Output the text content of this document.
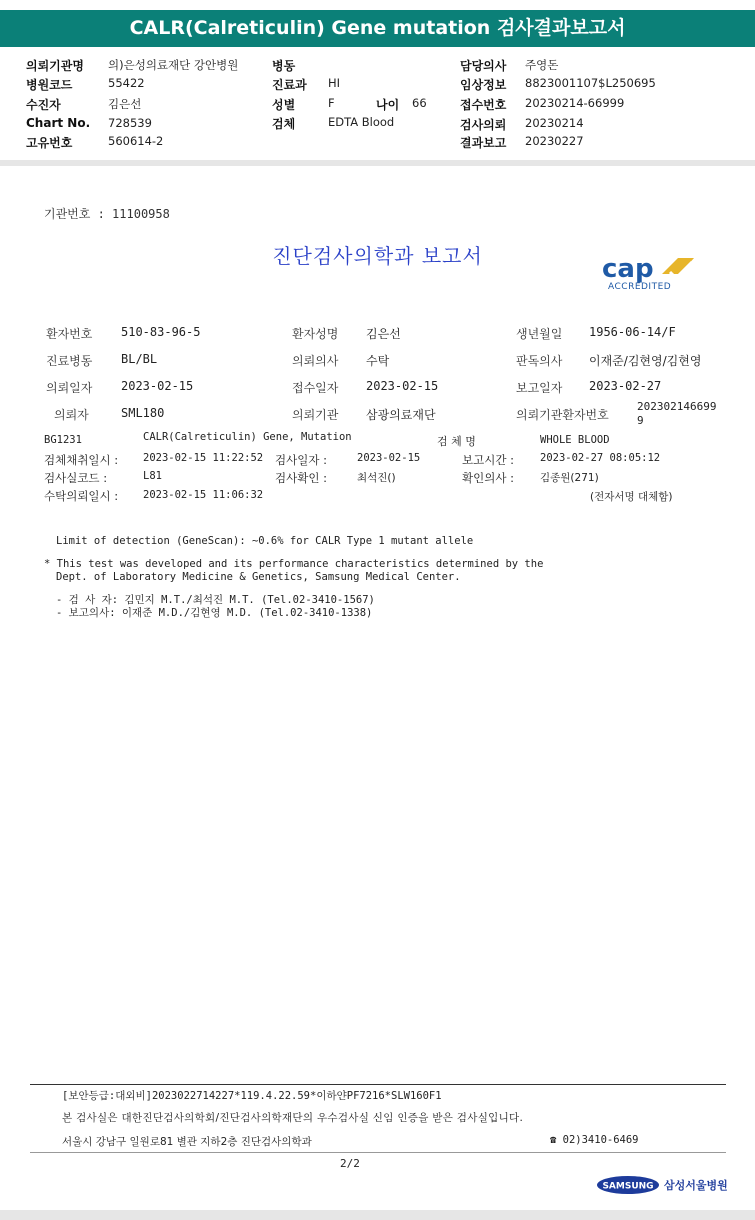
CALR(Calreticulin) Gene mutation 검사결과보고서
의뢰기관명 의)은성의료재단 강안병원
병원코드	55422
수진자	김은선
Chart No. 728539
고유번호	560614-2
병동
진료과 HI
성별	F	나이 66
검체	EDTA Blood
담당의사 주영돈
임상정보 8823001107$L250695
접수번호 20230214-66999
검사의뢰 20230214
결과보고 20230227
기관번호 : 11100958
진단검사의학과 보고서	cap
ACCREDITED
환자번호 510-83-96-5	환자성명 김은선	생년월일 1956-06-14/F
진료병동 BL/BL	의뢰의사 수탁	판독의사 이재준/김현영/김현영
의뢰일자 2023-02-15	접수일자 2023-02-15	보고일자 2023-02-27
의뢰자	SML180	의뢰기관 삼광의료재단	의뢰기관환자번호
202302146699
9
BG1231	CALR(Calreticulin) Gene, Mutation	검 체 명	WHOLE BLOOD
검체채취일시 : 2023-02-15 11:22:52 검사일자 :	2023-02-15	보고시간 : 2023-02-27 08:05:12
검사실코드 :	L81	검사확인 :	최석진()	확인의사 : 김종원(271)
수탁의뢰일시 : 2023-02-15 11:06:32	(전자서명 대체함)
Limit of detection (GeneScan): ~0.6% for CALR Type 1 mutant allele
* This test was developed and its performance characteristics determined by the
Dept. of Laboratory Medicine & Genetics, Samsung Medical Center.
- 검 사 자: 김민지 M.T./최석진 M.T. (Tel.02-3410-1567)
- 보고의사: 이재준 M.D./김현영 M.D. (Tel.02-3410-1338)
[보안등급:대외비]2023022714227*119.4.22.59*이하얀PF7216*SLW160F1
본 검사실은 대한진단검사의학회/진단검사의학재단의 우수검사실 신임 인증을 받은 검사실입니다.
서울시 강남구 일원로81 별관 지하2층 진단검사의학과	☎ 02)3410-6469
2/2
SAMSUNG 삼성서울병원
